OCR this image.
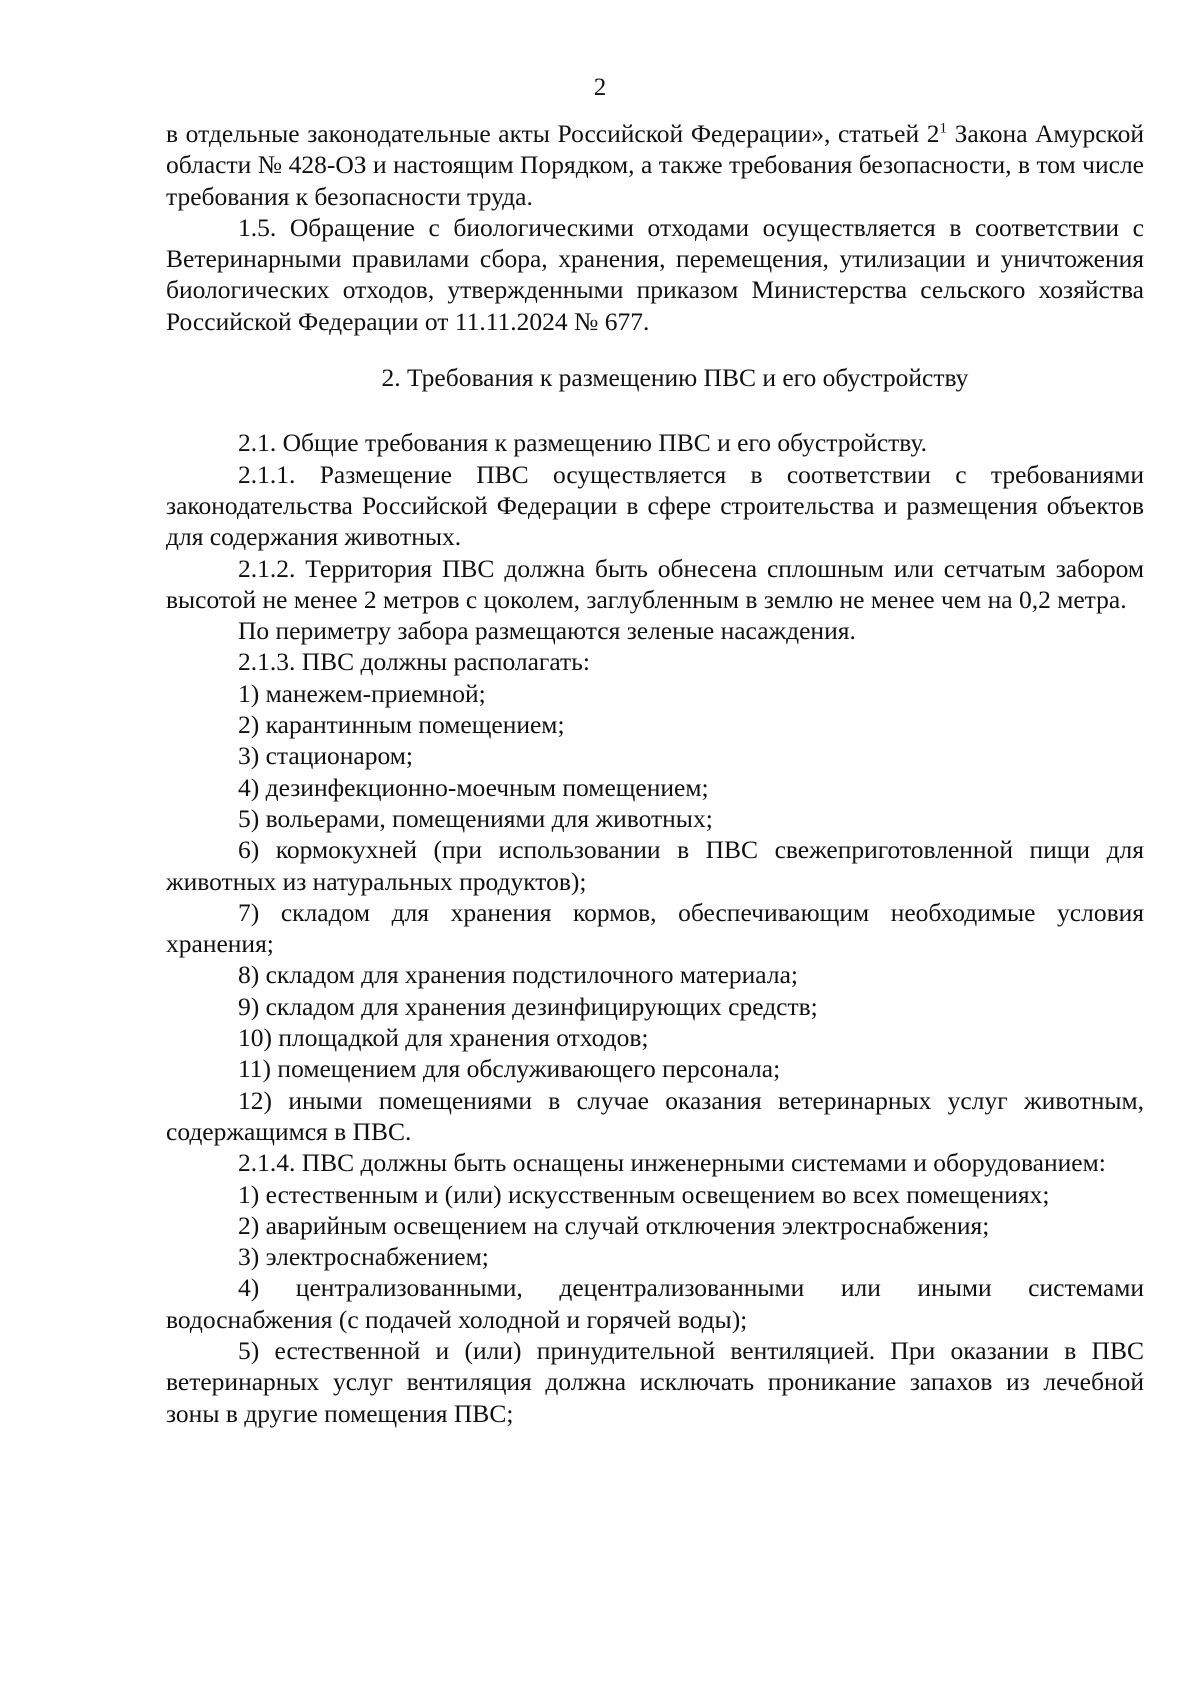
2

в отдельные законодательные акты Российской Федерации», статьей $2^1$ Закона Амурской области № 428-ОЗ и настоящим Порядком, а также требования безопасности, в том числе требования к безопасности труда.

1.5. Обращение с биологическими отходами осуществляется в соответствии с Ветеринарными правилами сбора, хранения, перемещения, утилизации и уничтожения биологических отходов, утвержденными приказом Министерства сельского хозяйства Российской Федерации от 11.11.2024 № 677.

2. Требования к размещению ПВС и его обустройству

2.1. Общие требования к размещению ПВС и его обустройству.

2.1.1. Размещение ПВС осуществляется в соответствии с требованиями законодательства Российской Федерации в сфере строительства и размещения объектов для содержания животных.

2.1.2. Территория ПВС должна быть обнесена сплошным или сетчатым забором высотой не менее 2 метров с цоколем, заглубленным в землю не менее чем на 0,2 метра.

По периметру забора размещаются зеленые насаждения.

2.1.3. ПВС должны располагать:

1) манежем-приемной;

2) карантинным помещением;

3) стационаром;

4) дезинфекционно-моечным помещением;

5) вольерами, помещениями для животных;

6) кормокухней (при использовании в ПВС свежеприготовленной пищи для животных из натуральных продуктов);

7) складом для хранения кормов, обеспечивающим необходимые условия хранения;

8) складом для хранения подстилочного материала;

9) складом для хранения дезинфицирующих средств;

10) площадкой для хранения отходов;

11) помещением для обслуживающего персонала;

12) иными помещениями в случае оказания ветеринарных услуг животным, содержащимся в ПВС.

2.1.4. ПВС должны быть оснащены инженерными системами и оборудованием:

1) естественным и (или) искусственным освещением во всех помещениях;

2) аварийным освещением на случай отключения электроснабжения;

3) электроснабжением;

4) централизованными, децентрализованными или иными системами водоснабжения (с подачей холодной и горячей воды);

5) естественной и (или) принудительной вентиляцией. При оказании в ПВС ветеринарных услуг вентиляция должна исключать проникание запахов из лечебной зоны в другие помещения ПВС;
